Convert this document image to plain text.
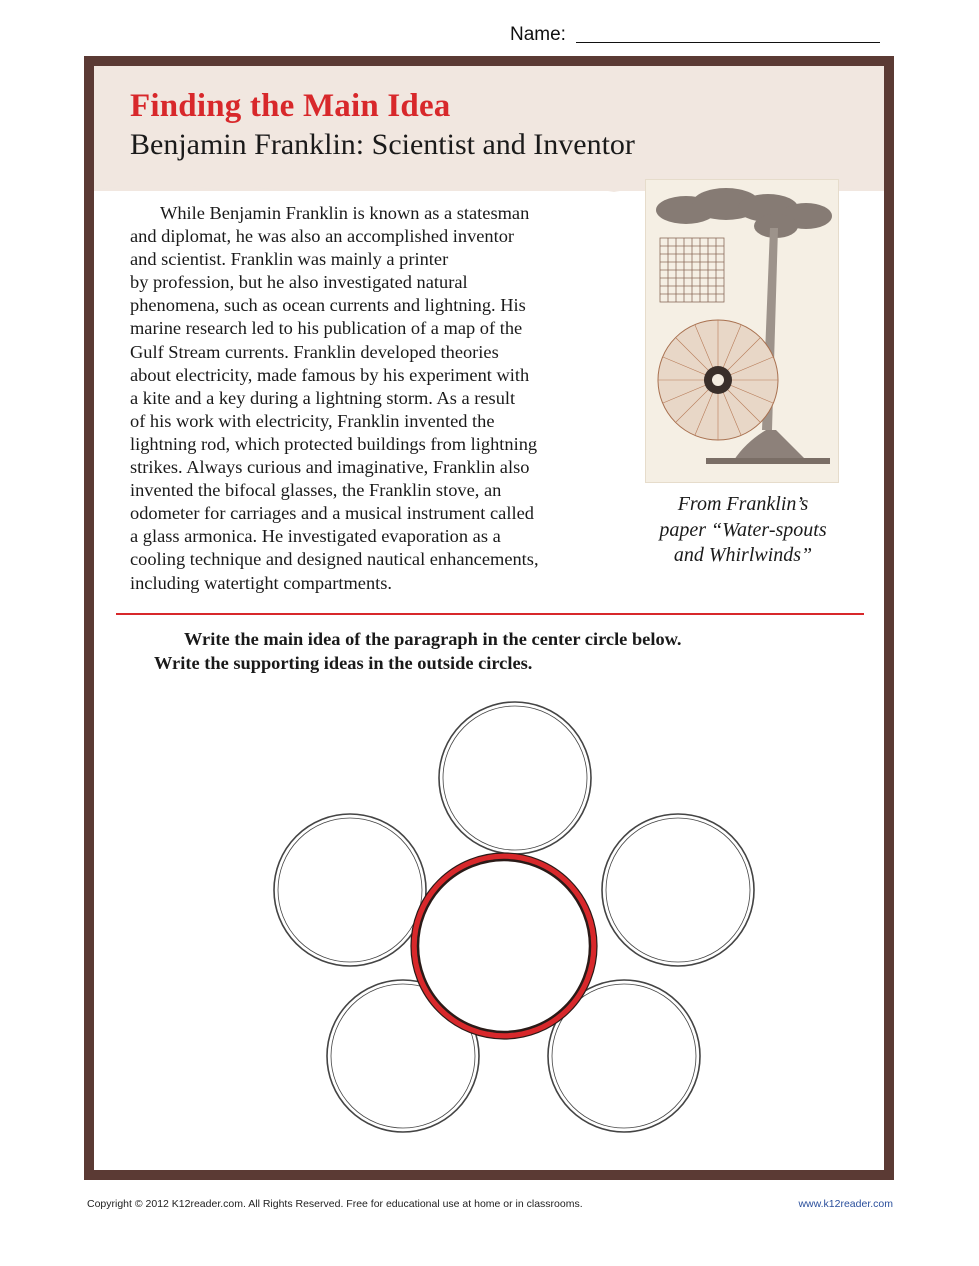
Name:
Finding the Main Idea
Benjamin Franklin: Scientist and Inventor
While Benjamin Franklin is known as a statesman
and diplomat, he was also an accomplished inventor
and scientist. Franklin was mainly a printer
by profession, but he also investigated natural
phenomena, such as ocean currents and lightning. His
marine research led to his publication of a map of the
Gulf Stream currents. Franklin developed theories
about electricity, made famous by his experiment with
a kite and a key during a lightning storm. As a result
of his work with electricity, Franklin invented the
lightning rod, which protected buildings from lightning
strikes. Always curious and imaginative, Franklin also
invented the bifocal glasses, the Franklin stove, an
odometer for carriages and a musical instrument called
a glass armonica. He investigated evaporation as a
cooling technique and designed nautical enhancements,
including watertight compartments.
From Franklin’s
paper “Water-spouts
and Whirlwinds”
Write the main idea of the paragraph in the center circle below.
Write the supporting ideas in the outside circles.
Copyright © 2012 K12reader.com. All Rights Reserved. Free for educational use at home or in classrooms.	www.k12reader.com
